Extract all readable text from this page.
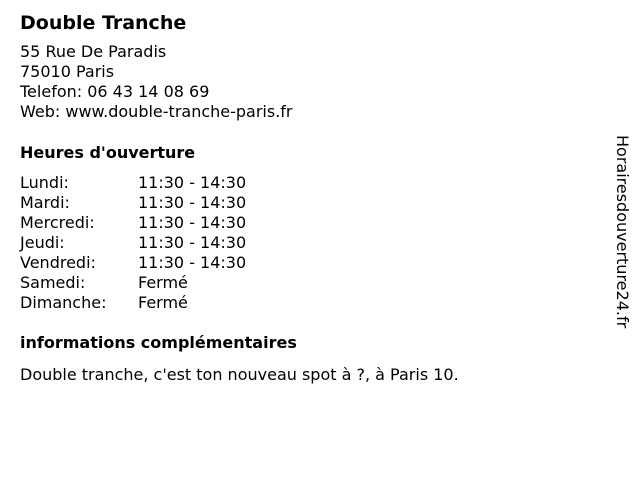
Double Tranche
55 Rue De Paradis
75010 Paris
Telefon: 06 43 14 08 69
Web: www.double-tranche-paris.fr
Heures d'ouverture
Lundi:	11:30 - 14:30
Mardi:	11:30 - 14:30
Mercredi:	11:30 - 14:30
Jeudi:	11:30 - 14:30
Vendredi:	11:30 - 14:30
Samedi:	Fermé
Dimanche:	Fermé
informations complémentaires
Double tranche, c'est ton nouveau spot à ?, à Paris 10.
Horairesdouverture24.fr
